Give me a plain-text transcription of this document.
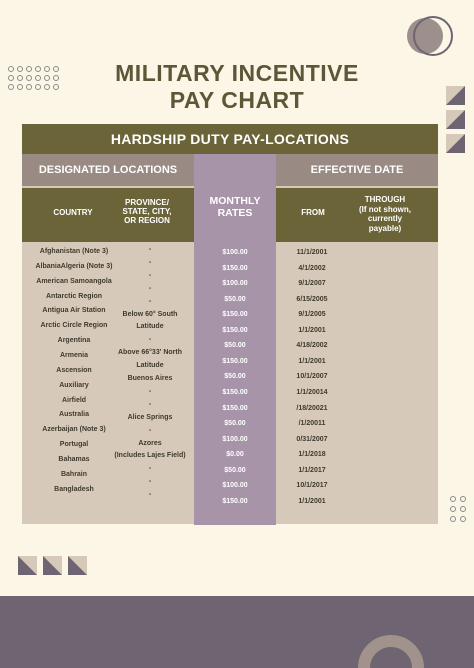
MILITARY INCENTIVE
PAY CHART
HARDSHIP DUTY PAY-LOCATIONS
DESIGNATED LOCATIONS	EFFECTIVE DATE
COUNTRY
PROVINCE/
STATE, CITY,
OR REGION
MONTHLY
RATES	FROM
THROUGH
(If not shown,
currently
payable)
Afghanistan (Note 3)
AlbaniaAlgeria (Note 3)
American Samoangola
Antarctic Region
Antigua Air Station
Arctic Circle Region
Argentina
Armenia
Ascension
Auxiliary
Airfield
Australia
Azerbaijan (Note 3)
Portugal
Bahamas
Bahrain
Bangladesh
-
-
-
-
-
Below 60° South
Latitude
-
Above 66°33' North
Latitude
Buenos Aires
-
-
Alice Springs
-
Azores
(Includes Lajes Field)
-
-
-
$100.00
$150.00
$100.00
$50.00
$150.00
$150.00
$50.00
$150.00
$50.00
$150.00
$150.00
$50.00
$100.00
$0.00
$50.00
$100.00
$150.00
11/1/2001
4/1/2002
9/1/2007
6/15/2005
9/1/2005
1/1/2001
4/18/2002
1/1/2001
10/1/2007
1/1/20014
/18/20021
/1/20011
0/31/2007
1/1/2018
1/1/2017
10/1/2017
1/1/2001
